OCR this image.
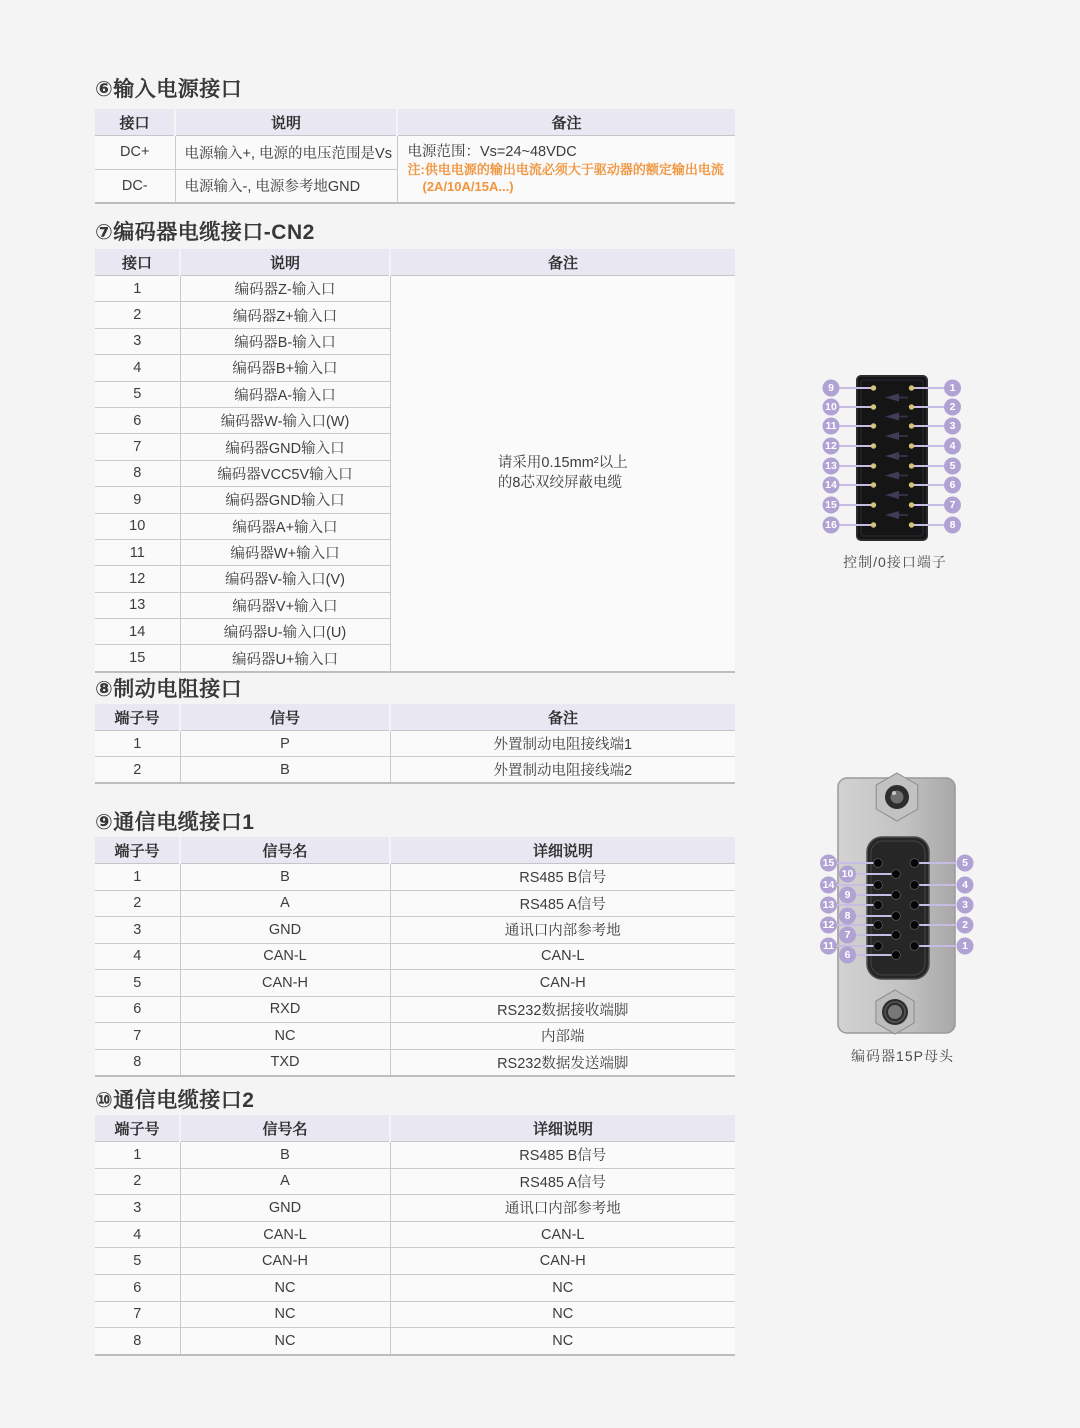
⑥输入电源接口
接口	说明	备注
DC+	电源输入+, 电源的电压范围是Vs	电源范围：Vs=24~48VDC
注:供电电源的输出电流必须大于驱动器的额定输出电流
(2A/10A/15A...)

DC-	电源输入-, 电源参考地GND	
⑦编码器电缆接口-CN2
接口	说明	备注
1	编码器Z-输入口	请采用0.15mm²以上
的8芯双绞屏蔽电缆

2	编码器Z+输入口	
3	编码器B-输入口	
4	编码器B+输入口	
5	编码器A-输入口	
6	编码器W-输入口(W)	
7	编码器GND输入口	
8	编码器VCC5V输入口	
9	编码器GND输入口	
10	编码器A+输入口	
11	编码器W+输入口	
12	编码器V-输入口(V)	
13	编码器V+输入口	
14	编码器U-输入口(U)	
15	编码器U+输入口	
⑧制动电阻接口
端子号	信号	备注
1	P	外置制动电阻接线端1
2	B	外置制动电阻接线端2
⑨通信电缆接口1
端子号	信号名	详细说明
1	B	RS485 B信号
2	A	RS485 A信号
3	GND	通讯口内部参考地
4	CAN-L	CAN-L
5	CAN-H	CAN-H
6	RXD	RS232数据接收端脚
7	NC	内部端
8	TXD	RS232数据发送端脚
⑩通信电缆接口2
端子号	信号名	详细说明
1	B	RS485 B信号
2	A	RS485 A信号
3	GND	通讯口内部参考地
4	CAN-L	CAN-L
5	CAN-H	CAN-H
6	NC	NC
7	NC	NC
8	NC	NC
9
10
11
12
13
14
15
16
1
2
3
4
5
6
7
8
控制/0接口端子
15
14
13
12
11
10
9
8
7
6
5
4
3
2
1
编码器15P母头
